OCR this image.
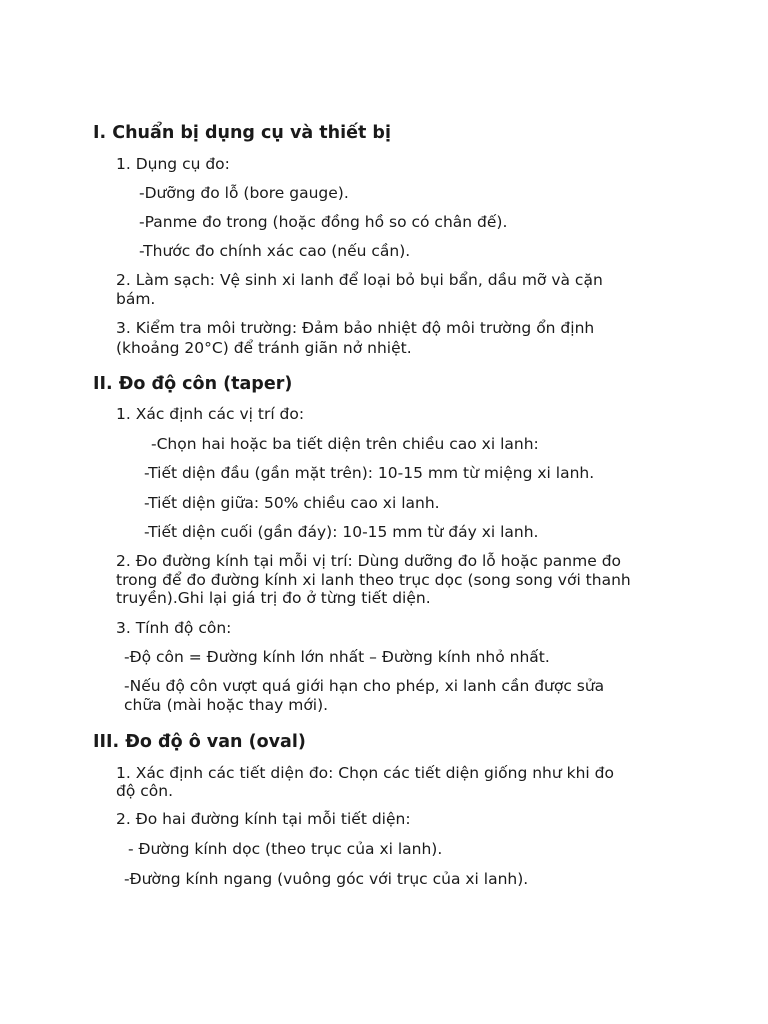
I. Chuẩn bị dụng cụ và thiết bị

1. Dụng cụ đo:

-Dưỡng đo lỗ (bore gauge).

-Panme đo trong (hoặc đồng hồ so có chân đế).

-Thước đo chính xác cao (nếu cần).

2. Làm sạch: Vệ sinh xi lanh để loại bỏ bụi bẩn, dầu mỡ và cặn

bám.

3. Kiểm tra môi trường: Đảm bảo nhiệt độ môi trường ổn định

(khoảng 20°C) để tránh giãn nở nhiệt.

II. Đo độ côn (taper)

1. Xác định các vị trí đo:

-Chọn hai hoặc ba tiết diện trên chiều cao xi lanh:

-Tiết diện đầu (gần mặt trên): 10-15 mm từ miệng xi lanh.

-Tiết diện giữa: 50% chiều cao xi lanh.

-Tiết diện cuối (gần đáy): 10-15 mm từ đáy xi lanh.

2. Đo đường kính tại mỗi vị trí: Dùng dưỡng đo lỗ hoặc panme đo

trong để đo đường kính xi lanh theo trục dọc (song song với thanh

truyền).Ghi lại giá trị đo ở từng tiết diện.

3. Tính độ côn:

-Độ côn = Đường kính lớn nhất – Đường kính nhỏ nhất.

-Nếu độ côn vượt quá giới hạn cho phép, xi lanh cần được sửa

chữa (mài hoặc thay mới).

III. Đo độ ô van (oval)

1. Xác định các tiết diện đo: Chọn các tiết diện giống như khi đo

độ côn.

2. Đo hai đường kính tại mỗi tiết diện:

- Đường kính dọc (theo trục của xi lanh).

-Đường kính ngang (vuông góc với trục của xi lanh).
